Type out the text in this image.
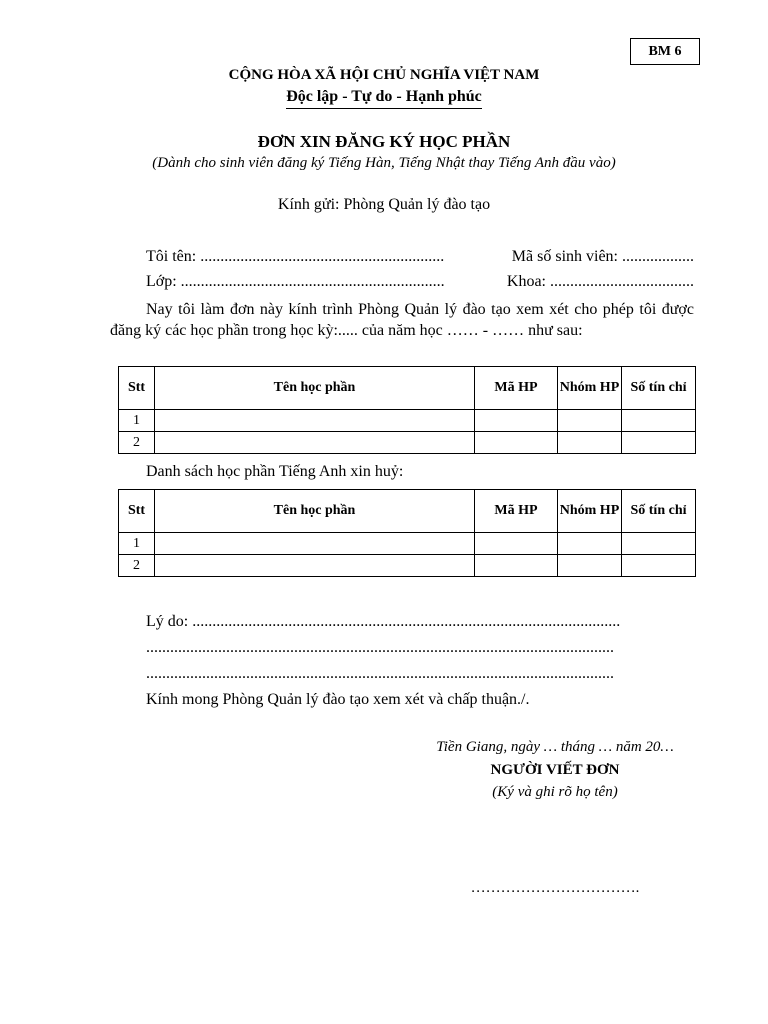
BM 6
CỘNG HÒA XÃ HỘI CHỦ NGHĨA VIỆT NAM
Độc lập - Tự do - Hạnh phúc
ĐƠN XIN ĐĂNG KÝ HỌC PHẦN
(Dành cho sinh viên đăng ký Tiếng Hàn, Tiếng Nhật thay Tiếng Anh đầu vào)
Kính gửi: Phòng Quản lý đào tạo
Tôi tên: .............................................................	Mã số sinh viên: ..................
Lớp: ..................................................................	Khoa: ....................................
Nay tôi làm đơn này kính trình Phòng Quản lý đào tạo xem xét cho phép tôi được đăng ký các học phần trong học kỳ:..... của năm học …… - …… như sau:
Stt	Tên học phần	Mã HP	Nhóm HP	Số tín chỉ
1				
2				
Danh sách học phần Tiếng Anh xin huỷ:
Stt	Tên học phần	Mã HP	Nhóm HP	Số tín chỉ
1				
2				
Lý do: ...........................................................................................................
.....................................................................................................................
.....................................................................................................................
Kính mong Phòng Quản lý đào tạo xem xét và chấp thuận./.
Tiền Giang, ngày … tháng … năm 20…
NGƯỜI VIẾT ĐƠN
(Ký và ghi rõ họ tên)
…………………………….
